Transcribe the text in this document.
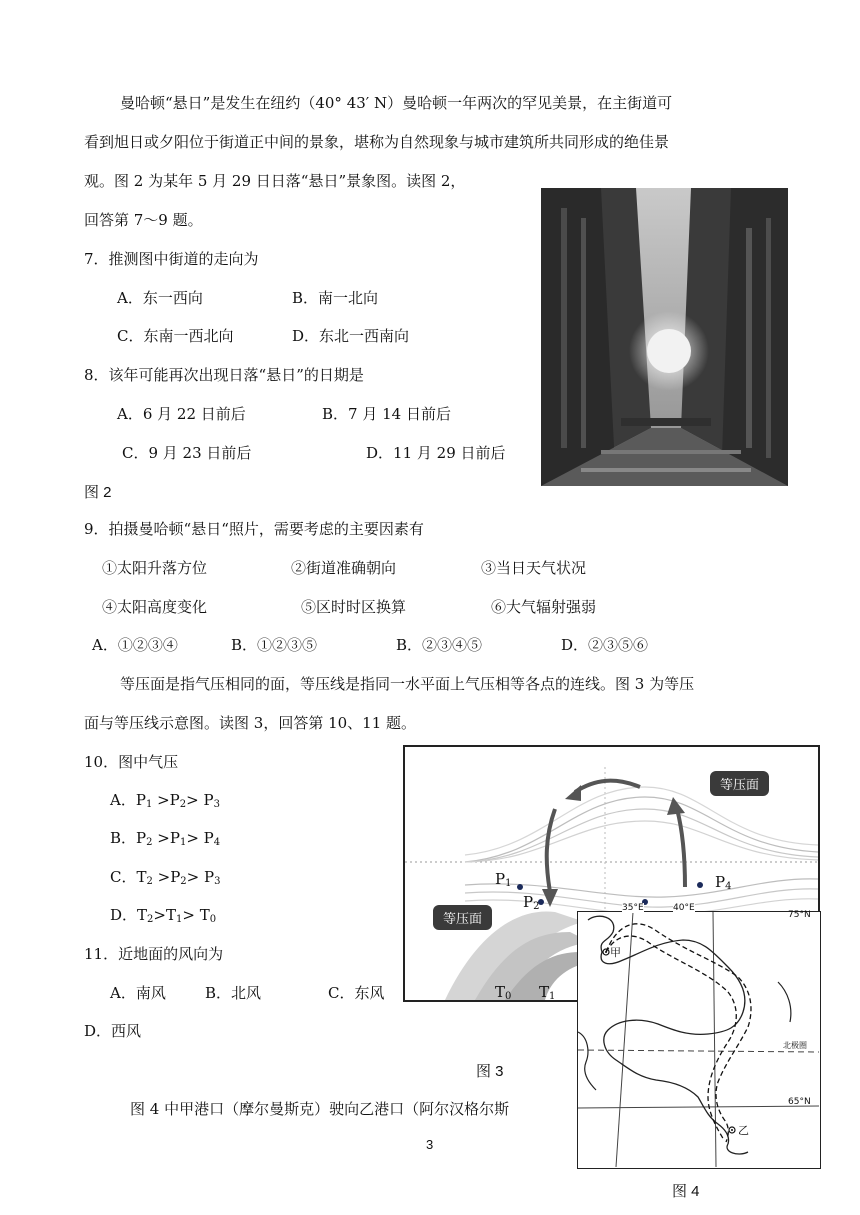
曼哈顿“悬日”是发生在纽约（40° 43′ N）曼哈顿一年两次的罕见美景，在主街道可
看到旭日或夕阳位于街道正中间的景象，堪称为自然现象与城市建筑所共同形成的绝佳景
观。图 2 为某年 5 月 29 日日落“悬日”景象图。读图 2，
回答第 7～9 题。
7．推测图中街道的走向为
A．东一西向	B．南一北向
C．东南一西北向	D．东北一西南向
8．该年可能再次出现日落“悬日”的日期是
A．6 月 22 日前后	B．7 月 14 日前后
C．9 月 23 日前后	D．11 月 29 日前后
图 2
9．拍摄曼哈顿“悬日“照片，需要考虑的主要因素有
①太阳升落方位	②街道准确朝向	③当日天气状况
④太阳高度变化	⑤区时时区换算	⑥大气辐射强弱
A．①②③④	B．①②③⑤	B．②③④⑤	D．②③⑤⑥
等压面是指气压相同的面，等压线是指同一水平面上气压相等各点的连线。图 3 为等压
面与等压线示意图。读图 3，回答第 10、11 题。
10．图中气压
A．$P_1 >P_2> P_3$
B．$P_2 >P_1> P_4$
C．$T_2 >P_2> P_3$
D．$T_2>T_1> T_0$
11．近地面的风向为
A．南风	B．北风	C．东风
D．西风
等压面
等压面
$P_1$
$P_2$
$P_4$
$T_0$ $T_1$
图 3
75°N
65°N
北极圈
甲
乙
图 4
图 4 中甲港口（摩尔曼斯克）驶向乙港口（阿尔汉格尔斯
3
35°E	40°E
